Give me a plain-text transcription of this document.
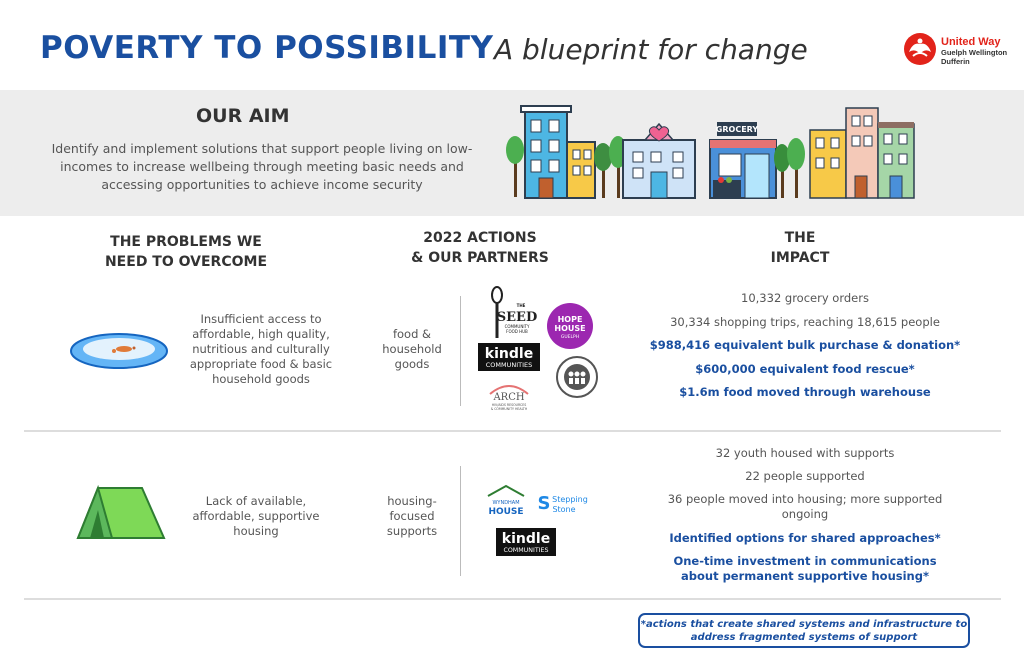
POVERTY TO POSSIBILITY A blueprint for change	United Way
Guelph Wellington
Dufferin
OUR AIM
Identify and implement solutions that support people living on low-incomes to increase wellbeing through meeting basic needs and accessing opportunities to achieve income security
GROCERY
THE PROBLEMS WE
NEED TO OVERCOME
2022 ACTIONS
& OUR PARTNERS
THE
IMPACT
Insufficient access to affordable, high quality, nutritious and culturally appropriate food & basic household goods
food & household goods
THE
SEED
COMMUNITY
FOOD HUB
HOPE
HOUSE
GUELPH
kindle
COMMUNITIES
ARCH
HIV/AIDS RESOURCES
& COMMUNITY HEALTH
10,332 grocery orders
30,334 shopping trips, reaching 18,615 people
$988,416 equivalent bulk purchase & donation*
$600,000 equivalent food rescue*
$1.6m food moved through warehouse
Lack of available, affordable, supportive housing
housing-focused supports
WYNDHAM
HOUSE S Stepping
Stone
kindle
COMMUNITIES
32 youth housed with supports
22 people supported
36 people moved into housing; more supported ongoing
Identified options for shared approaches*
One-time investment in communications about permanent supportive housing*
*actions that create shared systems and infrastructure to address fragmented systems of support
